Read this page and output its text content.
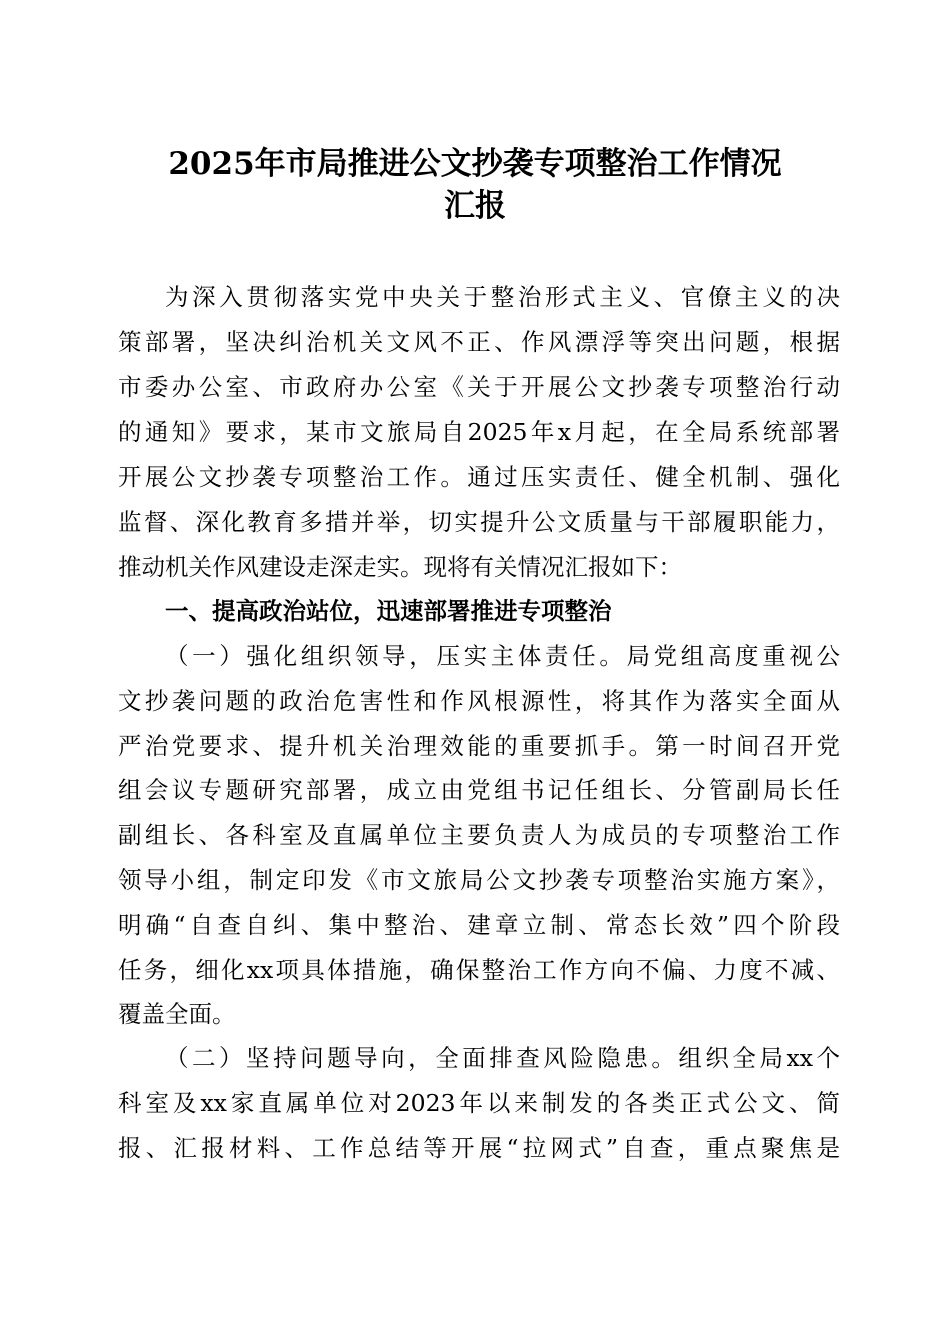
2025年市局推进公文抄袭专项整治工作情况
汇报
为深入贯彻落实党中央关于整治形式主义、官僚主义的决
策部署，坚决纠治机关文风不正、作风漂浮等突出问题，根据
市委办公室、市政府办公室《关于开展公文抄袭专项整治行动
的通知》要求，某市文旅局自2025年x月起，在全局系统部署
开展公文抄袭专项整治工作。通过压实责任、健全机制、强化
监督、深化教育多措并举，切实提升公文质量与干部履职能力，
推动机关作风建设走深走实。现将有关情况汇报如下：
一、提高政治站位，迅速部署推进专项整治
（一）强化组织领导，压实主体责任。局党组高度重视公
文抄袭问题的政治危害性和作风根源性，将其作为落实全面从
严治党要求、提升机关治理效能的重要抓手。第一时间召开党
组会议专题研究部署，成立由党组书记任组长、分管副局长任
副组长、各科室及直属单位主要负责人为成员的专项整治工作
领导小组，制定印发《市文旅局公文抄袭专项整治实施方案》，
明确“自查自纠、集中整治、建章立制、常态长效”四个阶段
任务，细化xx项具体措施，确保整治工作方向不偏、力度不减、
覆盖全面。
（二）坚持问题导向，全面排查风险隐患。组织全局xx个
科室及xx家直属单位对2023年以来制发的各类正式公文、简
报、汇报材料、工作总结等开展“拉网式”自查，重点聚焦是
